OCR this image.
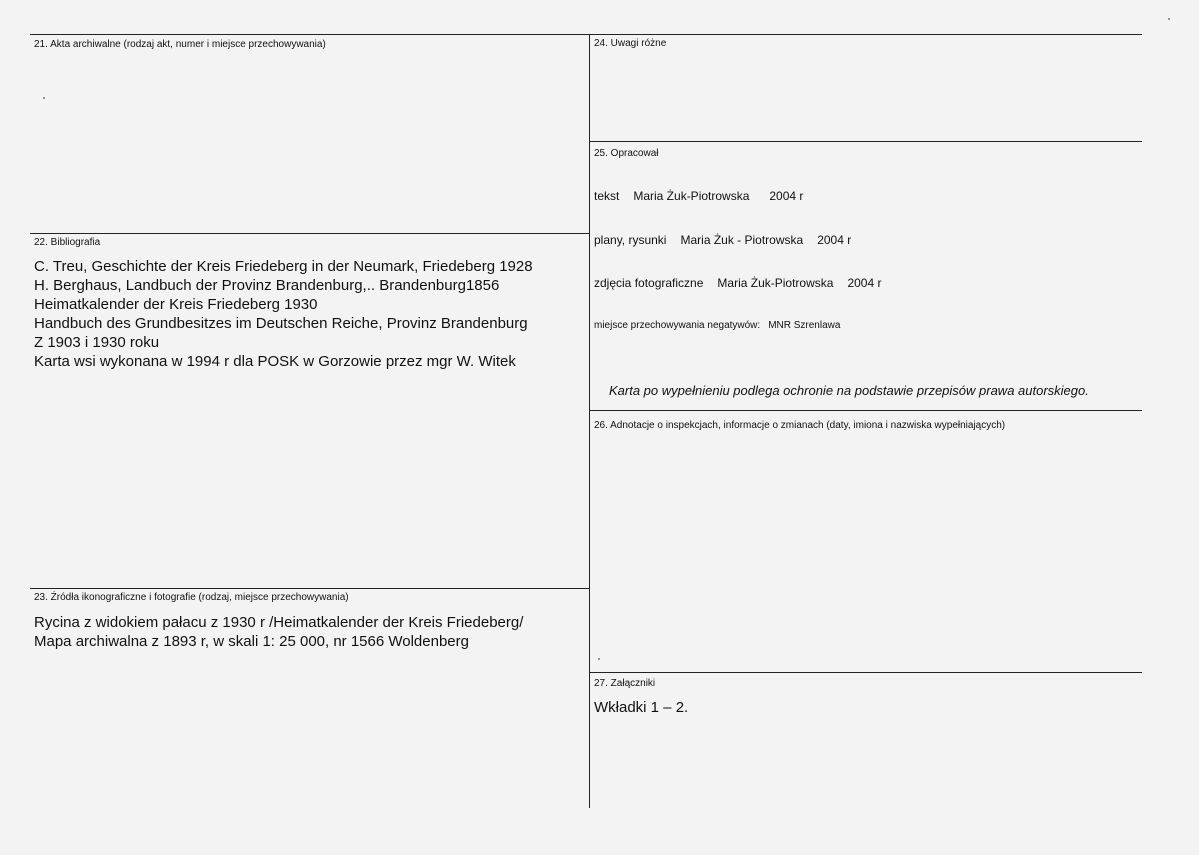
21. Akta archiwalne (rodzaj akt, numer i miejsce przechowywania)
22. Bibliografia
C. Treu, Geschichte der Kreis Friedeberg in der Neumark, Friedeberg 1928
H. Berghaus, Landbuch der Provinz Brandenburg,.. Brandenburg1856
Heimatkalender der Kreis Friedeberg 1930
Handbuch des Grundbesitzes im Deutschen Reiche, Provinz Brandenburg
Z 1903 i 1930 roku
Karta wsi wykonana w 1994 r dla POSK w Gorzowie przez mgr W. Witek
23. Źródła ikonograficzne i fotografie (rodzaj, miejsce przechowywania)
Rycina z widokiem pałacu z 1930 r /Heimatkalender der Kreis Friedeberg/
Mapa archiwalna z 1893 r, w skali 1: 25 000, nr 1566 Woldenberg
24. Uwagi różne
25. Opracował
tekst Maria Żuk-Piotrowska 2004 r
plany, rysunki Maria Żuk - Piotrowska 2004 r
zdjęcia fotograficzne Maria Żuk-Piotrowska 2004 r
miejsce przechowywania negatywów: MNR Szrenlawa
Karta po wypełnieniu podlega ochronie na podstawie przepisów prawa autorskiego.
26. Adnotacje o inspekcjach, informacje o zmianach (daty, imiona i nazwiska wypełniających)
27. Załączniki
Wkładki 1 – 2.
